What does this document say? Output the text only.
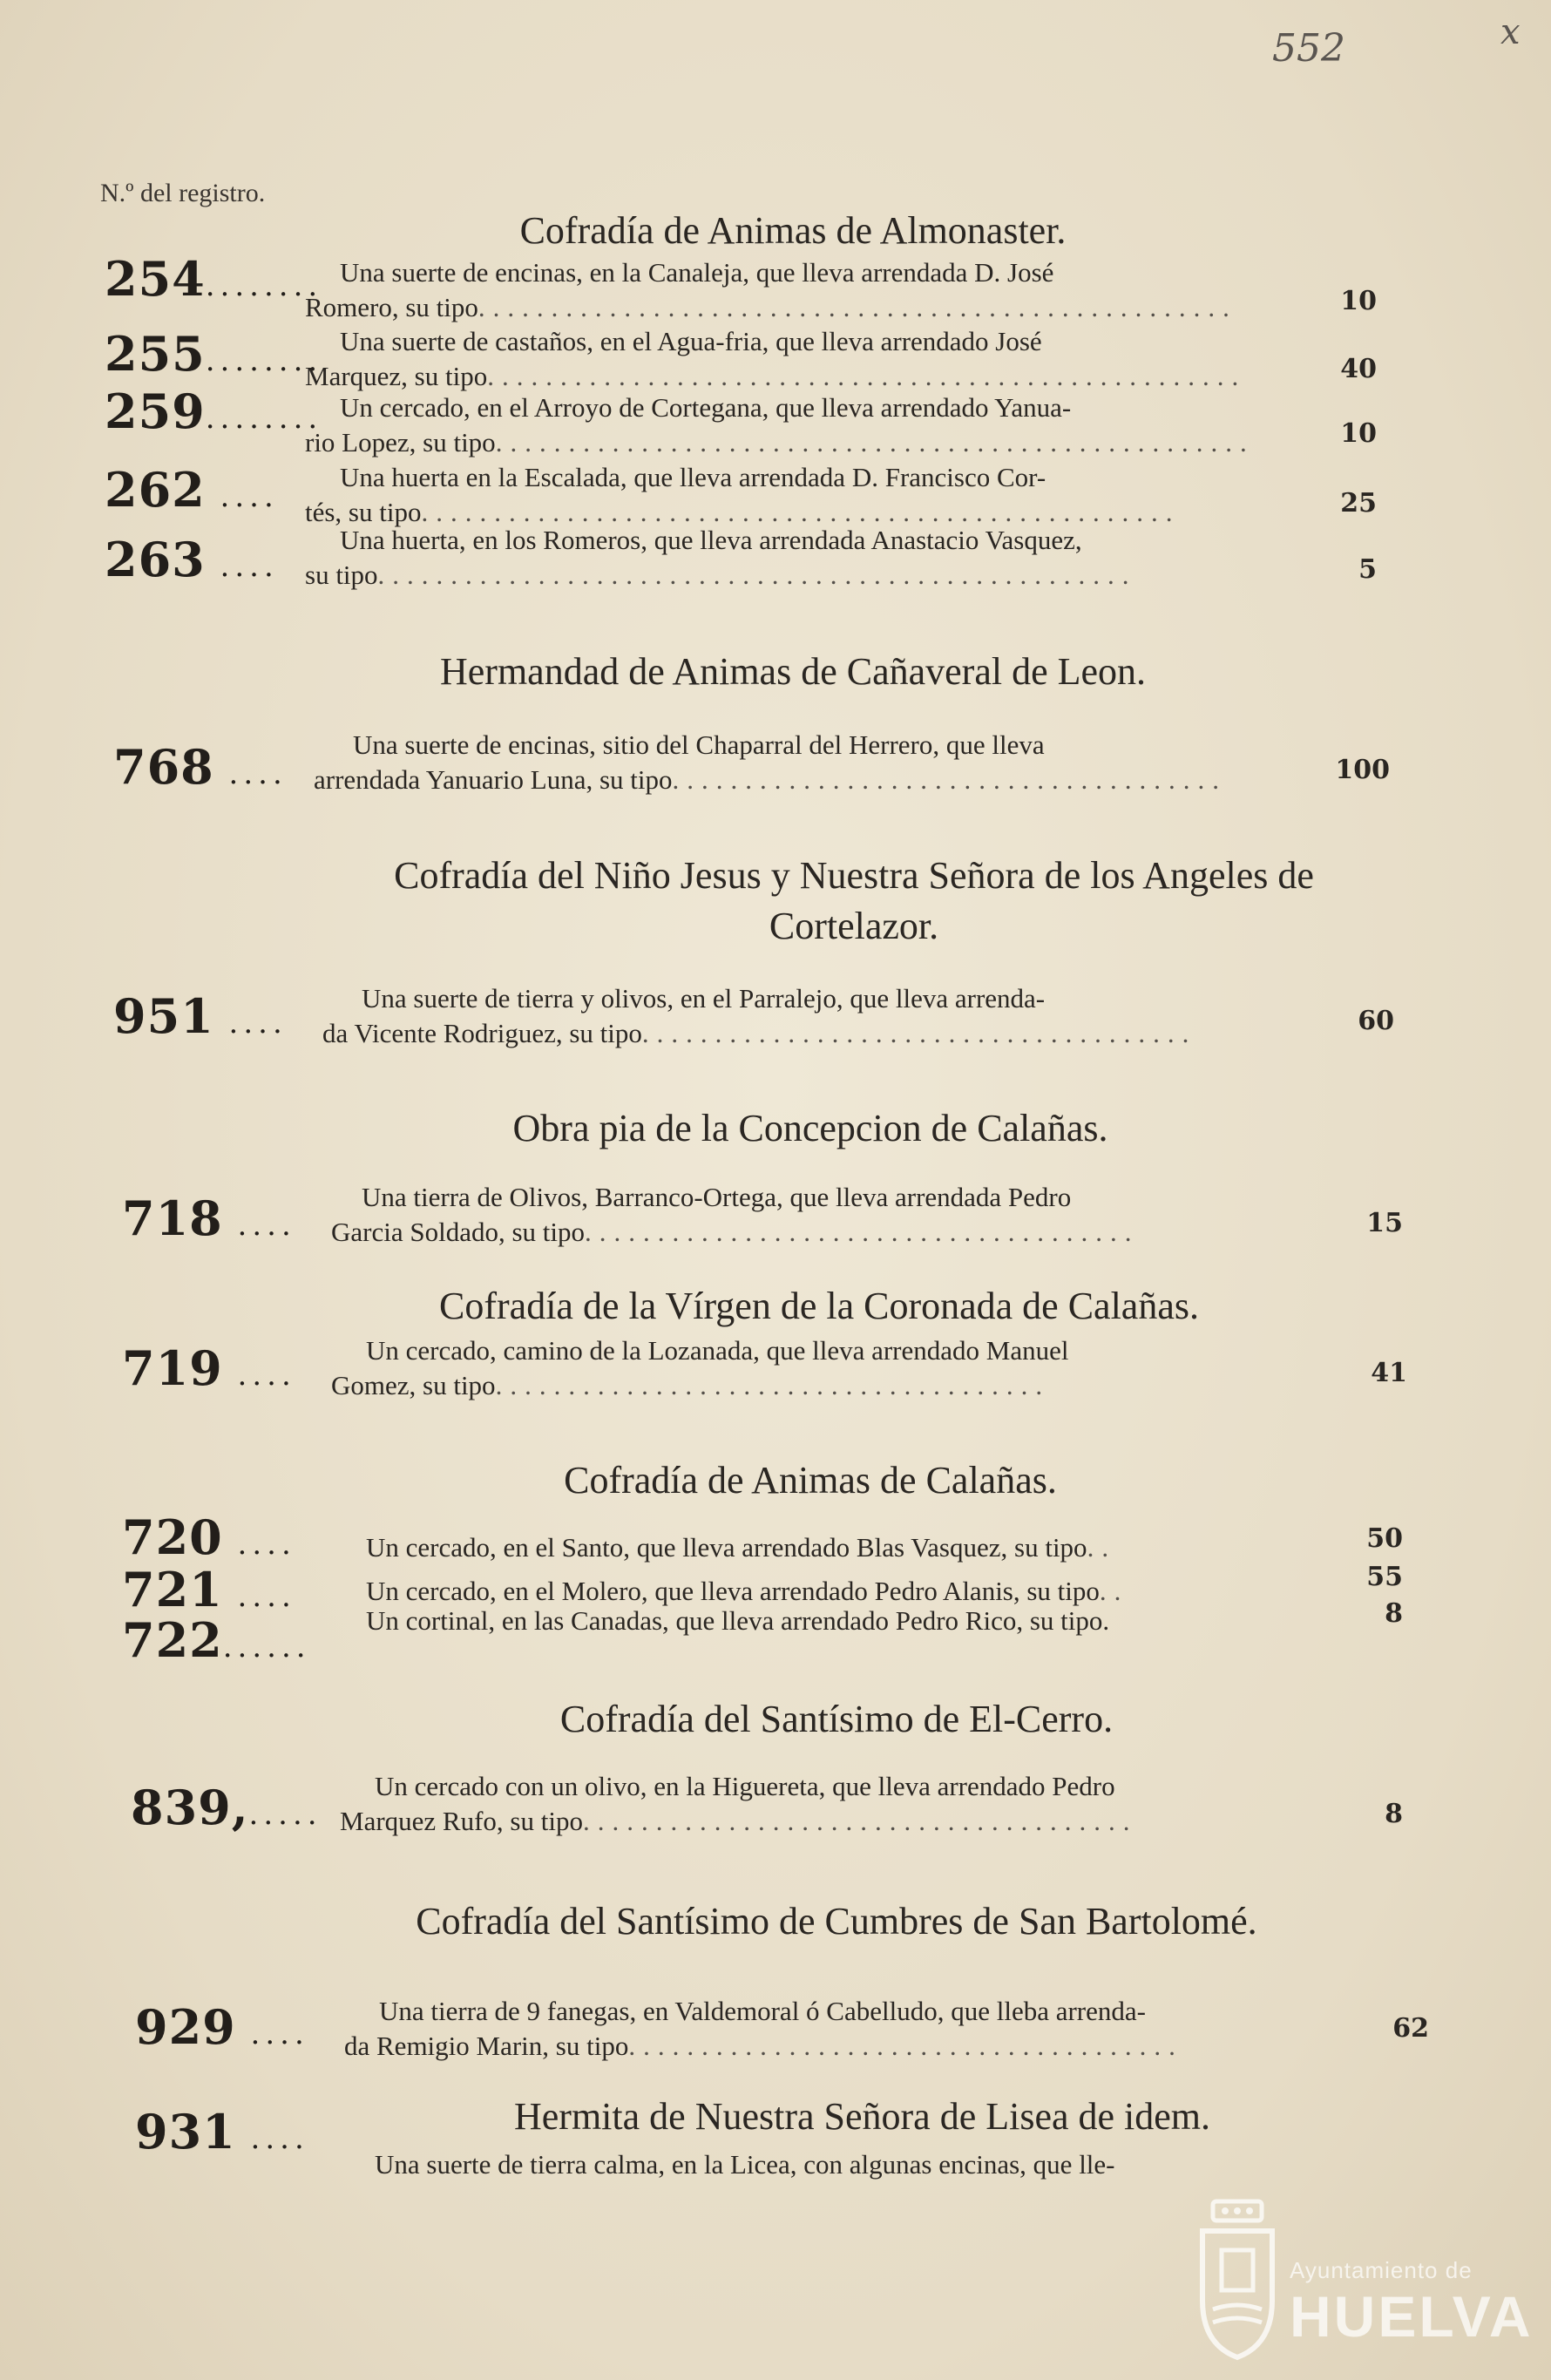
552	x
N.º del registro.
Cofradía de Animas de Almonaster.
254........ Una suerte de encinas, en la Canaleja, que lleva arrendada D. José
Romero, su tipo....................................................	10
255........
Una suerte de castaños, en el Agua-fria, que lleva arrendado José
Marquez, su tipo....................................................	40
259........ Un cercado, en el Arroyo de Cortegana, que lleva arrendado Yanua-
rio Lopez, su tipo....................................................	10
262 ....
Una huerta en la Escalada, que lleva arrendada D. Francisco Cor-
tés, su tipo....................................................	25
263 ....
Una huerta, en los Romeros, que lleva arrendada Anastacio Vasquez,
su tipo....................................................	5
Hermandad de Animas de Cañaveral de Leon.
768 ....
Una suerte de encinas, sitio del Chaparral del Herrero, que lleva
arrendada Yanuario Luna, su tipo......................................	100
Cofradía del Niño Jesus y Nuestra Señora de los Angeles de
Cortelazor.
951 ....
Una suerte de tierra y olivos, en el Parralejo, que lleva arrenda-
da Vicente Rodriguez, su tipo......................................	60
Obra pia de la Concepcion de Calañas.
718 ....
Una tierra de Olivos, Barranco-Ortega, que lleva arrendada Pedro
Garcia Soldado, su tipo......................................	15
Cofradía de la Vírgen de la Coronada de Calañas.
719 ....
Un cercado, camino de la Lozanada, que lleva arrendado Manuel
Gomez, su tipo......................................	41
Cofradía de Animas de Calañas.
720 ....	Un cercado, en el Santo, que lleva arrendado Blas Vasquez, su tipo..	50
721 ....	Un cercado, en el Molero, que lleva arrendado Pedro Alanis, su tipo..	55
722......
Un cortinal, en las Canadas, que lleva arrendado Pedro Rico, su tipo.	8
Cofradía del Santísimo de El-Cerro.
839,.....
Un cercado con un olivo, en la Higuereta, que lleva arrendado Pedro
Marquez Rufo, su tipo......................................	8
Cofradía del Santísimo de Cumbres de San Bartolomé.
929 ....
Una tierra de 9 fanegas, en Valdemoral ó Cabelludo, que lleba arrenda-
da Remigio Marin, su tipo......................................
62
931 ....
Hermita de Nuestra Señora de Lisea de idem.
Una suerte de tierra calma, en la Licea, con algunas encinas, que lle-
Ayuntamiento de
HUELVA
